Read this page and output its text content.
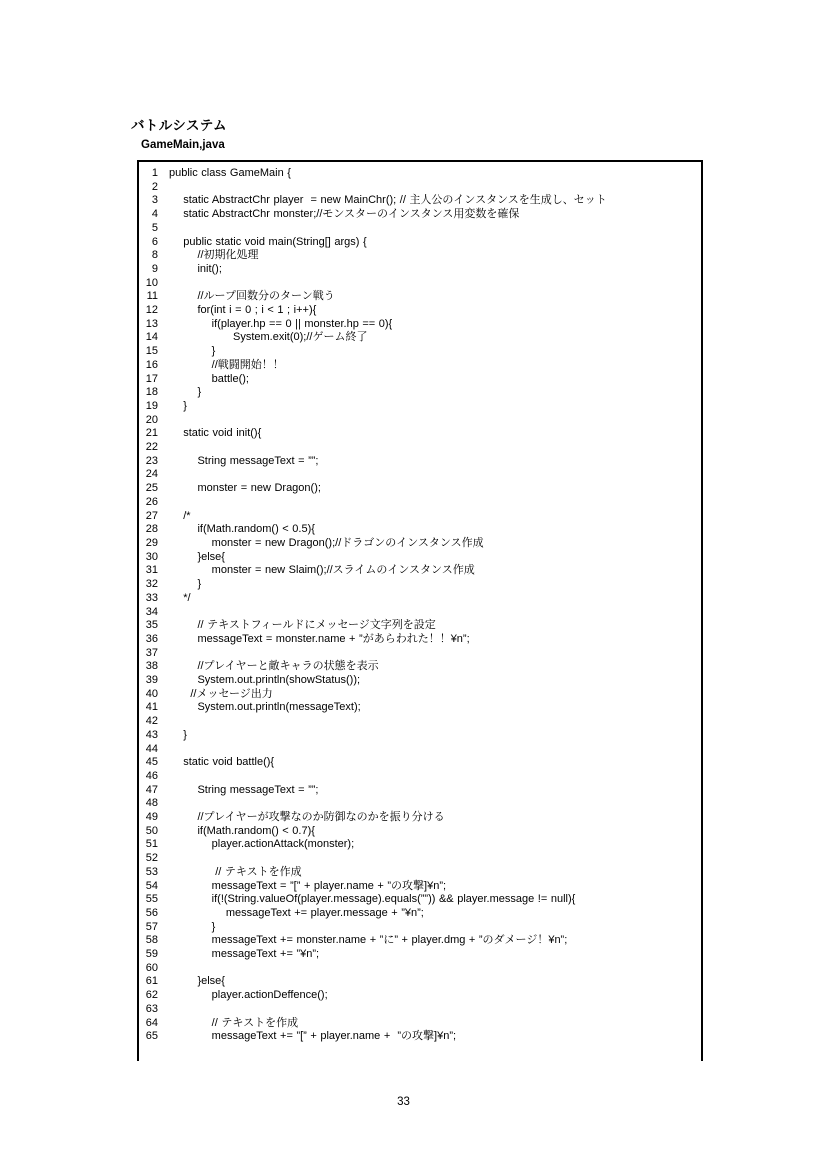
バトルシステム
GameMain,java
1 public class GameMain {
2
3 static AbstractChr player  = new MainChr(); // 主人公のインスタンスを生成し、セット
4 static AbstractChr monster;//モンスターのインスタンス用変数を確保
5
6 public static void main(String[] args) {
8 //初期化処理
9 init();
10
11 //ループ回数分のターン戦う
12 for(int i = 0 ; i < 1 ; i++){
13 if(player.hp == 0 || monster.hp == 0){
14 System.exit(0);//ゲーム終了
15 }
16 //戦闘開始！！
17 battle();
18 }
19 }
20
21 static void init(){
22
23 String messageText = ””;
24
25 monster = new Dragon();
26
27 /*
28 if(Math.random() < 0.5){
29 monster = new Dragon();//ドラゴンのインスタンス作成
30 }else{
31 monster = new Slaim();//スライムのインスタンス作成
32 }
33 */
34
35 // テキストフィールドにメッセージ文字列を設定
36 messageText = monster.name + ”があらわれた！！¥n”;
37
38 //プレイヤーと敵キャラの状態を表示
39 System.out.println(showStatus());
40 //メッセージ出力
41 System.out.println(messageText);
42
43 }
44
45 static void battle(){
46
47 String messageText = ””;
48
49 //プレイヤーが攻撃なのか防御なのかを振り分ける
50 if(Math.random() < 0.7){
51 player.actionAttack(monster);
52
53 // テキストを作成
54 messageText = ”[” + player.name + ”の攻撃]¥n”;
55 if(!(String.valueOf(player.message).equals(””)) && player.message != null){
56 messageText += player.message + ”¥n”;
57 }
58 messageText += monster.name + ”に” + player.dmg + ”のダメージ！¥n”;
59 messageText += ”¥n”;
60
61 }else{
62 player.actionDeffence();
63
64 // テキストを作成
65 messageText += ”[” + player.name +  ”の攻撃]¥n”;
33
